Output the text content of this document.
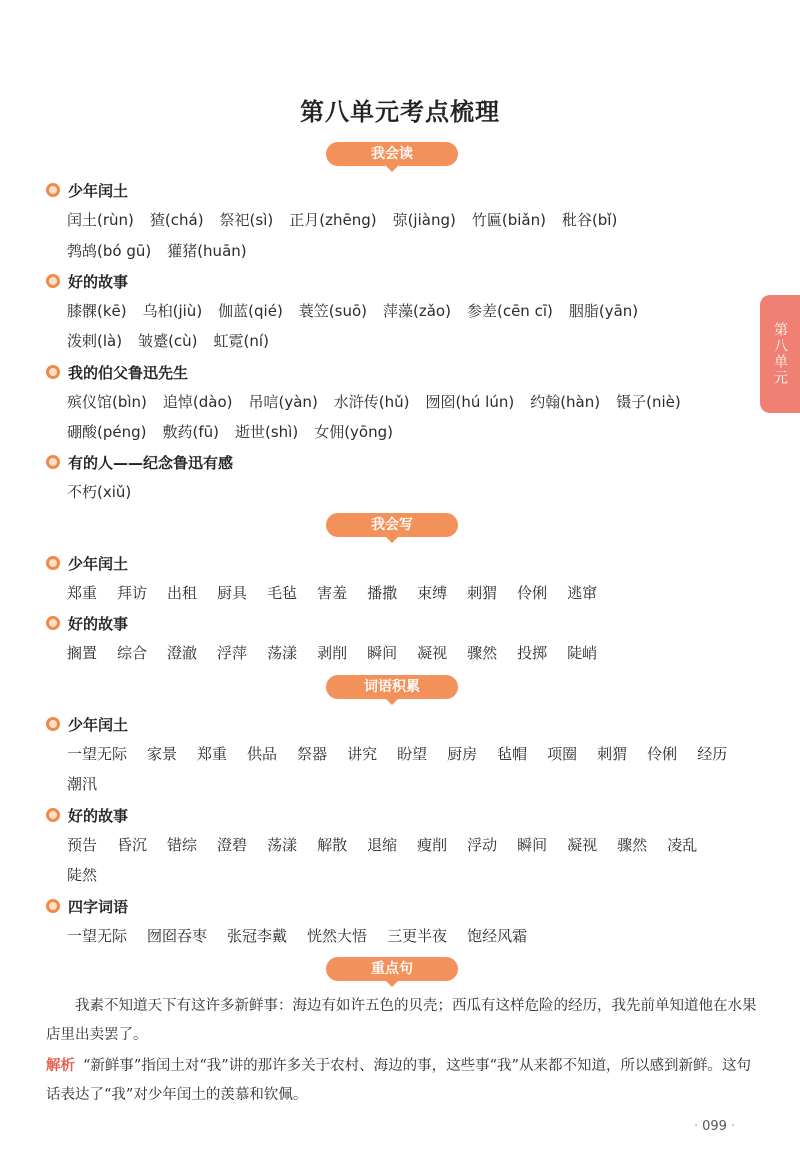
第八单元考点梳理
第八单元
我会读
少年闰土
闰土(rùn) 猹(chá) 祭祀(sì) 正月(zhēng) 弶(jiàng) 竹匾(biǎn) 秕谷(bǐ)
鹁鸪(bó gū) 獾猪(huān)
好的故事
膝髁(kē) 乌桕(jiù) 伽蓝(qié) 蓑笠(suō) 萍藻(zǎo) 参差(cēn cī) 胭脂(yān)
泼剌(là) 皱蹙(cù) 虹霓(ní)
我的伯父鲁迅先生
殡仪馆(bìn) 追悼(dào) 吊唁(yàn) 水浒传(hǔ) 囫囵(hú lún) 约翰(hàn) 镊子(niè)
硼酸(péng) 敷药(fū) 逝世(shì) 女佣(yōng)
有的人——纪念鲁迅有感
不朽(xiǔ)
我会写
少年闰土
郑重 拜访 出租 厨具 毛毡 害羞 播撒 束缚 刺猬 伶俐 逃窜
好的故事
搁置 综合 澄澈 浮萍 荡漾 剥削 瞬间 凝视 骤然 投掷 陡峭
词语积累
少年闰土
一望无际 家景 郑重 供品 祭器 讲究 盼望 厨房 毡帽 项圈 刺猬 伶俐 经历
潮汛
好的故事
预告 昏沉 错综 澄碧 荡漾 解散 退缩 瘦削 浮动 瞬间 凝视 骤然 凌乱
陡然
四字词语
一望无际 囫囵吞枣 张冠李戴 恍然大悟 三更半夜 饱经风霜
重点句
我素不知道天下有这许多新鲜事：海边有如许五色的贝壳；西瓜有这样危险的经历，我先前单知道他在水果店里出卖罢了。
解析 “新鲜事”指闰土对“我”讲的那许多关于农村、海边的事，这些事“我”从来都不知道，所以感到新鲜。这句话表达了“我”对少年闰土的羡慕和钦佩。
· 099 ·
